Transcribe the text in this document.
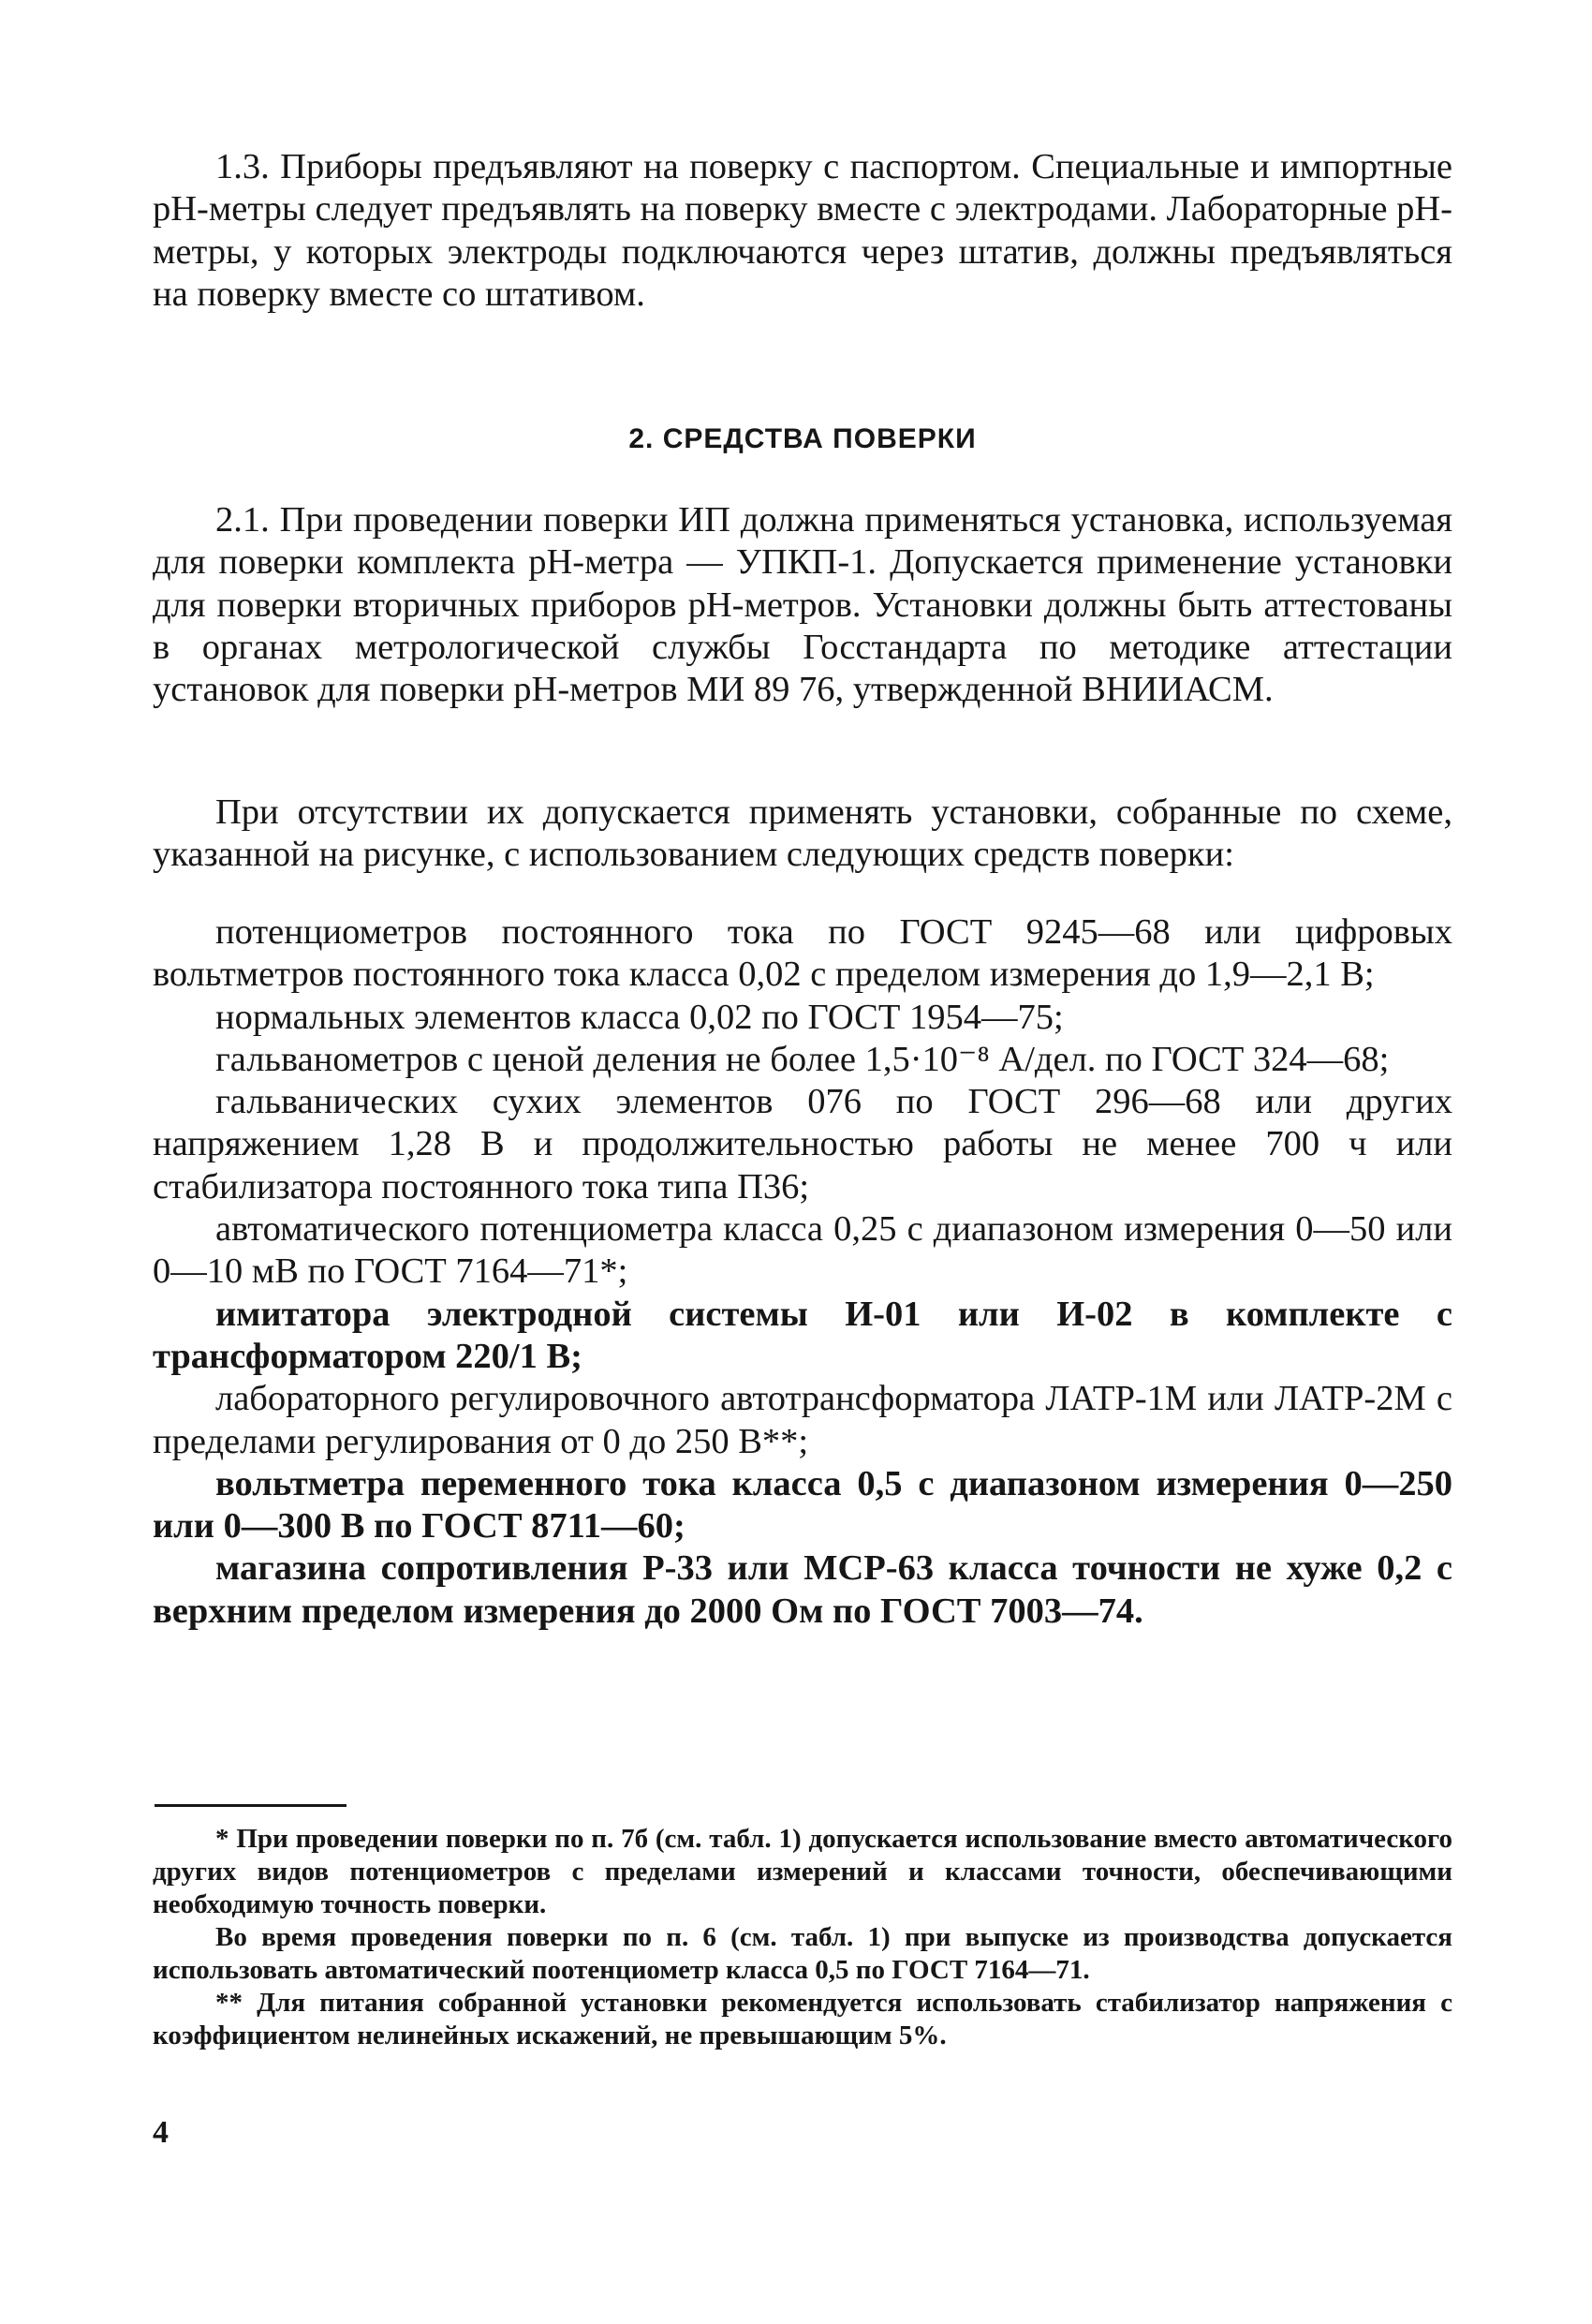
1.3. Приборы предъявляют на поверку с паспортом. Специальные и импортные pH-метры следует предъявлять на поверку вместе с электродами. Лабораторные pH-метры, у которых электроды подключаются через штатив, должны предъявляться на поверку вместе со штативом.

2. СРЕДСТВА ПОВЕРКИ

2.1. При проведении поверки ИП должна применяться установка, используемая для поверки комплекта pH-метра — УПКП-1. Допускается применение установки для поверки вторичных приборов pH-метров. Установки должны быть аттестованы в органах метрологической службы Госстандарта по методике аттестации установок для поверки pH-метров МИ 89 76, утвержденной ВНИИАСМ.

При отсутствии их допускается применять установки, собранные по схеме, указанной на рисунке, с использованием следующих средств поверки:

потенциометров постоянного тока по ГОСТ 9245—68 или цифровых вольтметров постоянного тока класса 0,02 с пределом измерения до 1,9—2,1 В;
нормальных элементов класса 0,02 по ГОСТ 1954—75;
гальванометров с ценой деления не более 1,5·10⁻⁸ А/дел. по ГОСТ 324—68;
гальванических сухих элементов 076 по ГОСТ 296—68 или других напряжением 1,28 В и продолжительностью работы не менее 700 ч или стабилизатора постоянного тока типа П36;
автоматического потенциометра класса 0,25 с диапазоном измерения 0—50 или 0—10 мВ по ГОСТ 7164—71*;
имитатора электродной системы И-01 или И-02 в комплекте с трансформатором 220/1 В;
лабораторного регулировочного автотрансформатора ЛАТР-1М или ЛАТР-2М с пределами регулирования от 0 до 250 В**;
вольтметра переменного тока класса 0,5 с диапазоном измерения 0—250 или 0—300 В по ГОСТ 8711—60;
магазина сопротивления Р-33 или МСР-63 класса точности не хуже 0,2 с верхним пределом измерения до 2000 Ом по ГОСТ 7003—74.

* При проведении поверки по п. 7б (см. табл. 1) допускается использование вместо автоматического других видов потенциометров с пределами измерений и классами точности, обеспечивающими необходимую точность поверки.

Во время проведения поверки по п. 6 (см. табл. 1) при выпуске из производства допускается использовать автоматический поотенциометр класса 0,5 по ГОСТ 7164—71.

** Для питания собранной установки рекомендуется использовать стабилизатор напряжения с коэффициентом нелинейных искажений, не превышающим 5%.

4
